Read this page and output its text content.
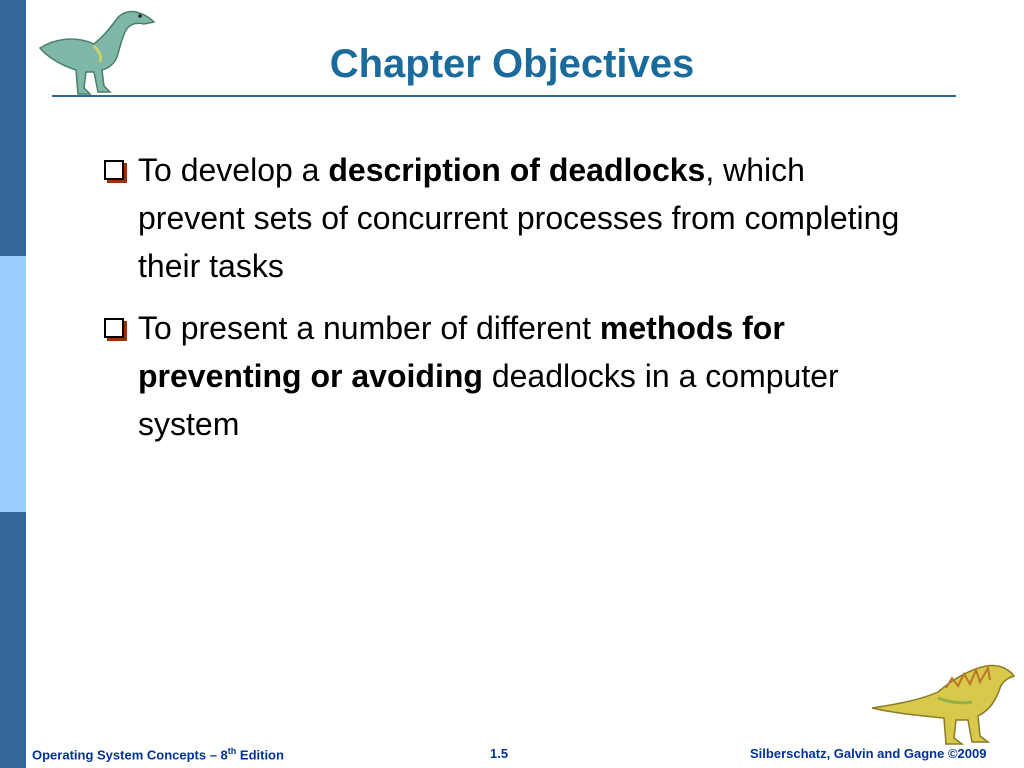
Chapter Objectives
To develop a description of deadlocks, which prevent sets of concurrent processes from completing their tasks
To present a number of different methods for preventing or avoiding deadlocks in a computer system
Operating System Concepts – 8th Edition	1.5	Silberschatz, Galvin and Gagne ©2009
